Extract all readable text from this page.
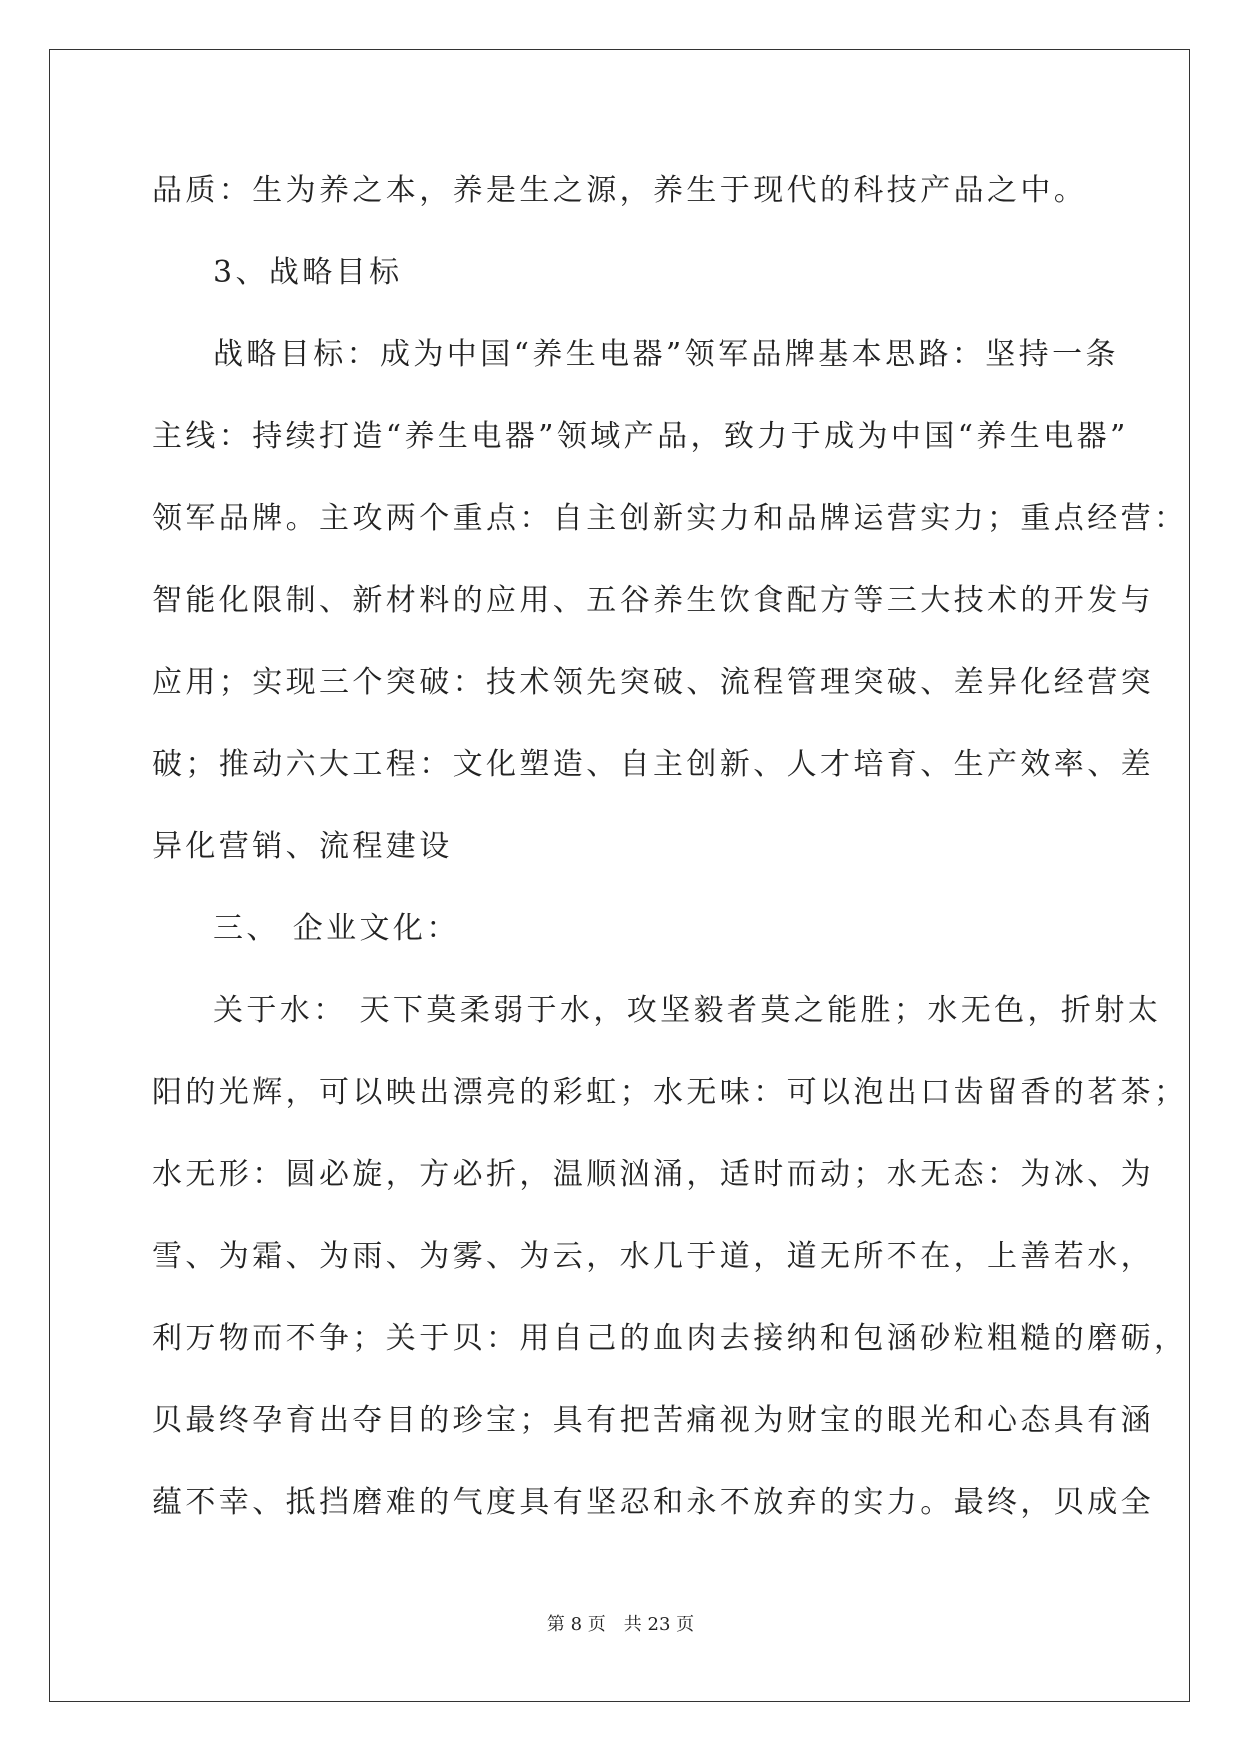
品质：生为养之本，养是生之源，养生于现代的科技产品之中。
3、战略目标
战略目标：成为中国“养生电器”领军品牌基本思路：坚持一条
主线：持续打造“养生电器”领域产品，致力于成为中国“养生电器”
领军品牌。主攻两个重点：自主创新实力和品牌运营实力；重点经营：
智能化限制、新材料的应用、五谷养生饮食配方等三大技术的开发与
应用；实现三个突破：技术领先突破、流程管理突破、差异化经营突
破；推动六大工程：文化塑造、自主创新、人才培育、生产效率、差
异化营销、流程建设
三、 企业文化：
关于水： 天下莫柔弱于水，攻坚毅者莫之能胜；水无色，折射太
阳的光辉，可以映出漂亮的彩虹；水无味：可以泡出口齿留香的茗茶；
水无形：圆必旋，方必折，温顺汹涌，适时而动；水无态：为冰、为
雪、为霜、为雨、为雾、为云，水几于道，道无所不在，上善若水，
利万物而不争；关于贝：用自己的血肉去接纳和包涵砂粒粗糙的磨砺，
贝最终孕育出夺目的珍宝；具有把苦痛视为财宝的眼光和心态具有涵
蕴不幸、抵挡磨难的气度具有坚忍和永不放弃的实力。最终，贝成全
第 8 页 共 23 页
